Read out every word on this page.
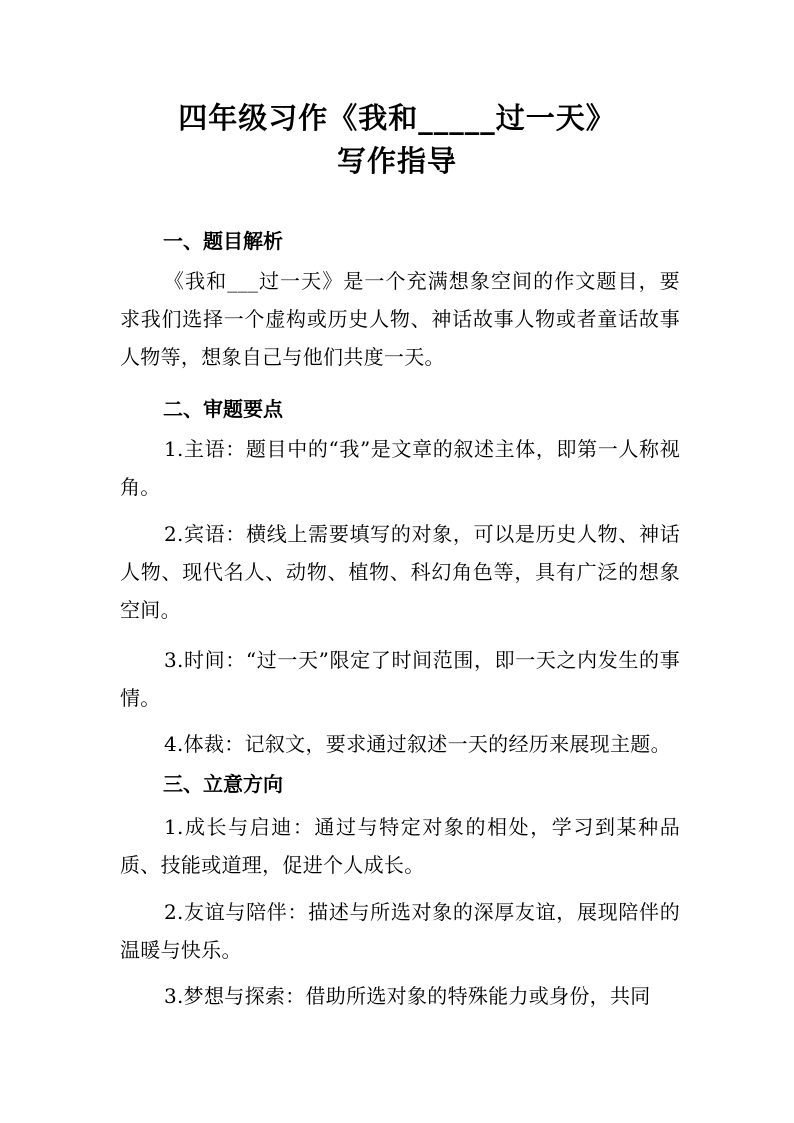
四年级习作《我和_____过一天》
写作指导
一、题目解析

《我和___过一天》是一个充满想象空间的作文题目，要求我们选择一个虚构或历史人物、神话故事人物或者童话故事人物等，想象自己与他们共度一天。

二、审题要点

1.主语：题目中的“我”是文章的叙述主体，即第一人称视角。

2.宾语：横线上需要填写的对象，可以是历史人物、神话人物、现代名人、动物、植物、科幻角色等，具有广泛的想象空间。

3.时间：“过一天”限定了时间范围，即一天之内发生的事情。

4.体裁：记叙文，要求通过叙述一天的经历来展现主题。

三、立意方向

1.成长与启迪：通过与特定对象的相处，学习到某种品质、技能或道理，促进个人成长。

2.友谊与陪伴：描述与所选对象的深厚友谊，展现陪伴的温暖与快乐。

3.梦想与探索：借助所选对象的特殊能力或身份，共同
